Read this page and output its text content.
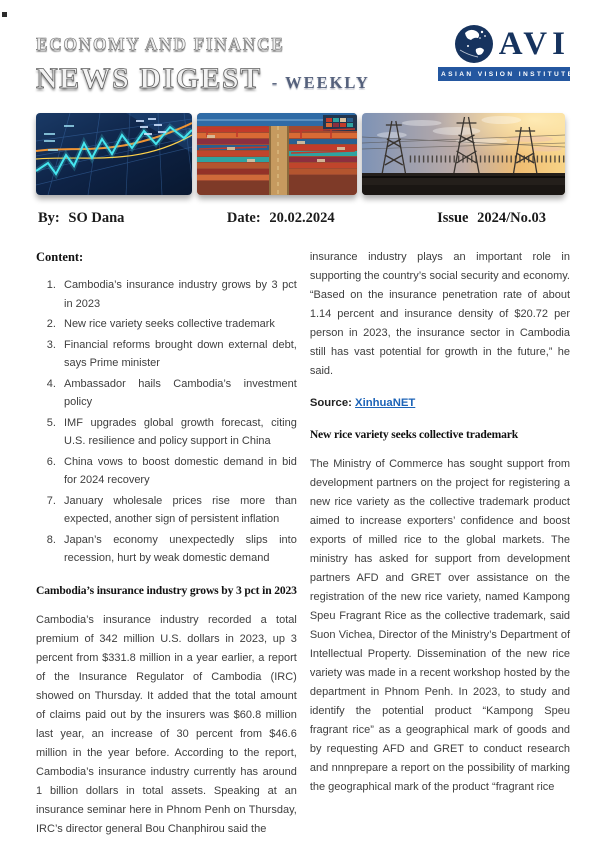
ECONOMY AND FINANCE
NEWS DIGEST - WEEKLY
AVI
ASIAN VISION INSTITUTE
By: SO Dana	Date: 20.02.2024	Issue 2024/No.03
Content:
1. Cambodia’s insurance industry grows by 3 pct in 2023
2. New rice variety seeks collective trademark
3. Financial reforms brought down external debt, says Prime minister
4. Ambassador hails Cambodia’s investment policy
5. IMF upgrades global growth forecast, citing U.S. resilience and policy support in China
6. China vows to boost domestic demand in bid for 2024 recovery
7. January wholesale prices rise more than expected, another sign of persistent inflation
8. Japan’s economy unexpectedly slips into recession, hurt by weak domestic demand
Cambodia’s insurance industry grows by 3 pct in 2023

Cambodia’s insurance industry recorded a total premium of 342 million U.S. dollars in 2023, up 3 percent from $331.8 million in a year earlier, a report of the Insurance Regulator of Cambodia (IRC) showed on Thursday. It added that the total amount of claims paid out by the insurers was $60.8 million last year, an increase of 30 percent from $46.6 million in the year before. According to the report, Cambodia’s insurance industry currently has around 1 billion dollars in total assets. Speaking at an insurance seminar here in Phnom Penh on Thursday, IRC’s director general Bou Chanphirou said the

insurance industry plays an important role in supporting the country’s social security and economy. “Based on the insurance penetration rate of about 1.14 percent and insurance density of $20.72 per person in 2023, the insurance sector in Cambodia still has vast potential for growth in the future,” he said.

Source: XinhuaNET
New rice variety seeks collective trademark

The Ministry of Commerce has sought support from development partners on the project for registering a new rice variety as the collective trademark product aimed to increase exporters’ confidence and boost exports of milled rice to the global markets. The ministry has asked for support from development partners AFD and GRET over assistance on the registration of the new rice variety, named Kampong Speu Fragrant Rice as the collective trademark, said Suon Vichea, Director of the Ministry’s Department of Intellectual Property. Dissemination of the new rice variety was made in a recent workshop hosted by the department in Phnom Penh. In 2023, to study and identify the potential product “Kampong Speu fragrant rice” as a geographical mark of goods and by requesting AFD and GRET to conduct research and nnnprepare a report on the possibility of marking the geographical mark of the product “fragrant rice
